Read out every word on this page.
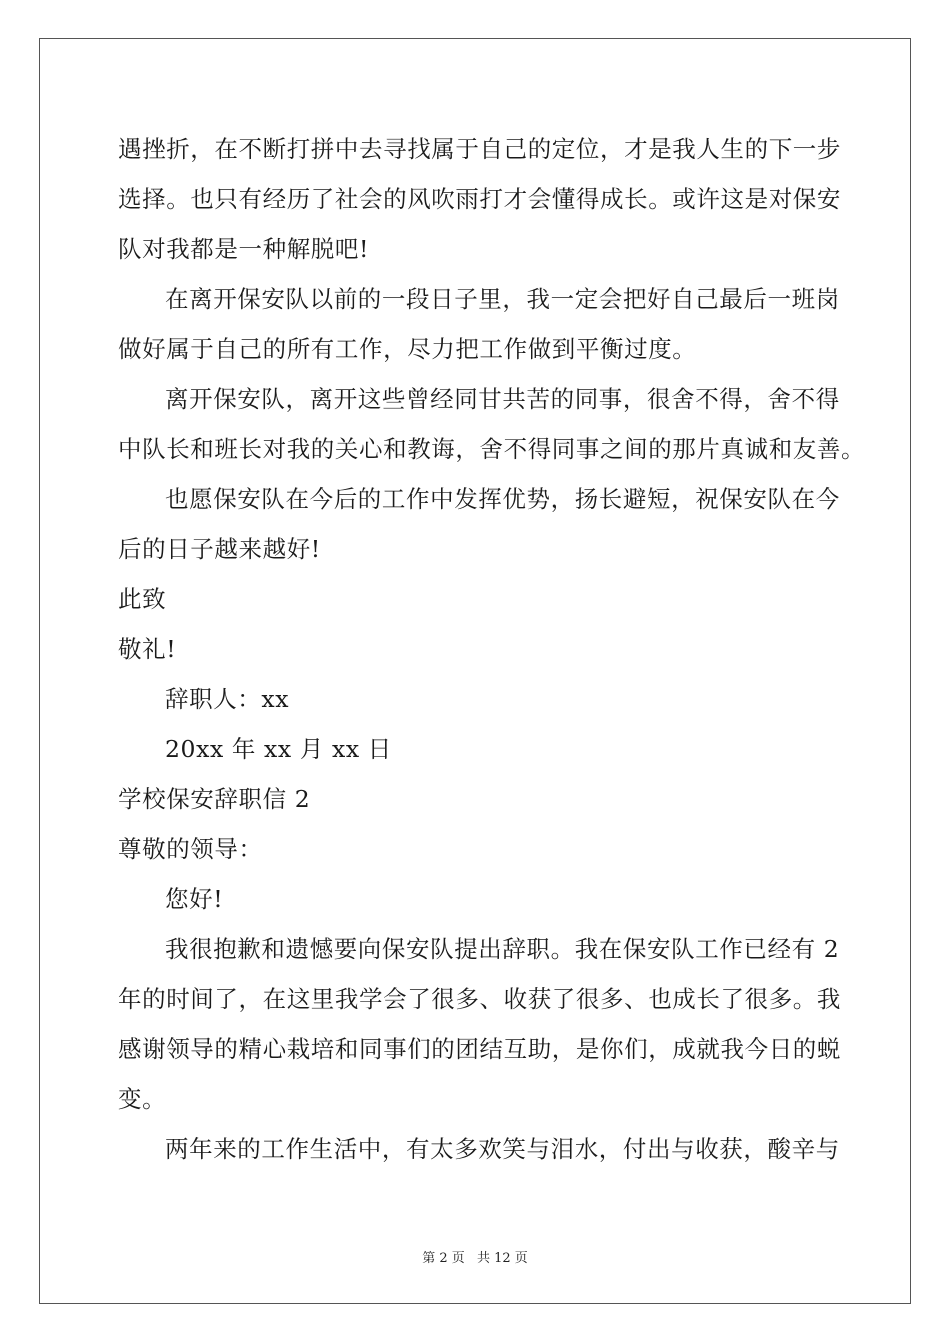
遇挫折，在不断打拼中去寻找属于自己的定位，才是我人生的下一步
选择。也只有经历了社会的风吹雨打才会懂得成长。或许这是对保安
队对我都是一种解脱吧!
在离开保安队以前的一段日子里，我一定会把好自己最后一班岗
做好属于自己的所有工作，尽力把工作做到平衡过度。
离开保安队，离开这些曾经同甘共苦的同事，很舍不得，舍不得
中队长和班长对我的关心和教诲，舍不得同事之间的那片真诚和友善。
也愿保安队在今后的工作中发挥优势，扬长避短，祝保安队在今
后的日子越来越好!
此致
敬礼!
辞职人：xx
20xx 年 xx 月 xx 日
学校保安辞职信 2
尊敬的领导：
您好!
我很抱歉和遗憾要向保安队提出辞职。我在保安队工作已经有 2
年的时间了，在这里我学会了很多、收获了很多、也成长了很多。我
感谢领导的精心栽培和同事们的团结互助，是你们，成就我今日的蜕
变。
两年来的工作生活中，有太多欢笑与泪水，付出与收获，酸辛与
第 2 页 共 12 页
